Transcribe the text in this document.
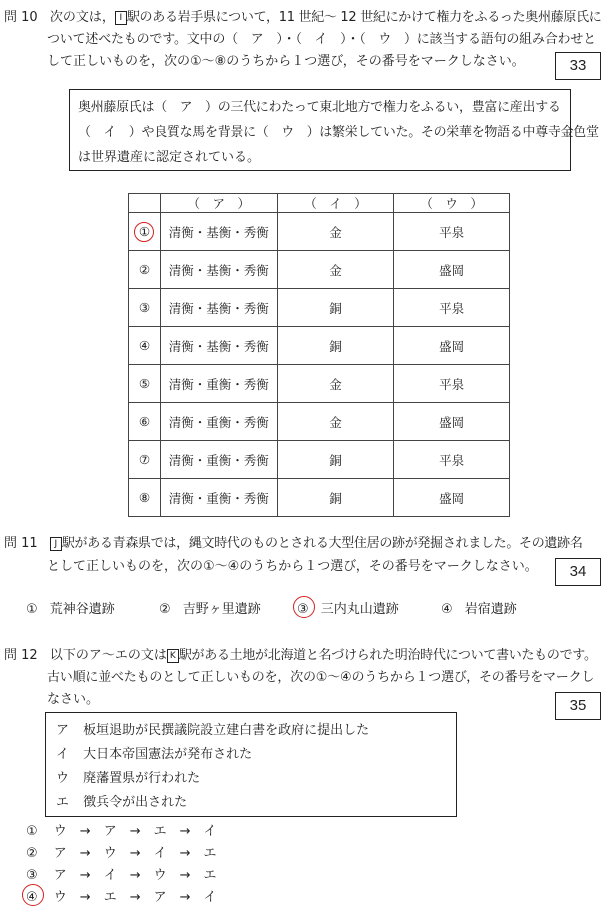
問 10 次の文は， I 駅のある岩手県について，11 世紀～ 12 世紀にかけて権力をふるった奥州藤原氏に
ついて述べたものです。文中の（　ア　）・（　イ　）・（　ウ　）に該当する語句の組み合わせと
して正しいものを，次の①～⑧のうちから１つ選び，その番号をマークしなさい。	33
奥州藤原氏は（　ア　）の三代にわたって東北地方で権力をふるい，豊富に産出する
（　イ　）や良質な馬を背景に（　ウ　）は繁栄していた。その栄華を物語る中尊寺金色堂
は世界遺産に認定されている。
	（　ア　）	（　イ　）	（　ウ　）
①	清衡・基衡・秀衡	金	平泉
②	清衡・基衡・秀衡	金	盛岡
③	清衡・基衡・秀衡	銅	平泉
④	清衡・基衡・秀衡	銅	盛岡
⑤	清衡・重衡・秀衡	金	平泉
⑥	清衡・重衡・秀衡	金	盛岡
⑦	清衡・重衡・秀衡	銅	平泉
⑧	清衡・重衡・秀衡	銅	盛岡
問 11 J 駅がある青森県では，縄文時代のものとされる大型住居の跡が発掘されました。その遺跡名
として正しいものを，次の①～④のうちから１つ選び，その番号をマークしなさい。	34
① 荒神谷遺跡	② 吉野ヶ里遺跡	③ 三内丸山遺跡	④ 岩宿遺跡
問 12 以下のア～エの文は K 駅がある土地が北海道と名づけられた明治時代について書いたものです。
古い順に並べたものとして正しいものを，次の①～④のうちから１つ選び，その番号をマークし
なさい。	35
ア 板垣退助が民撰議院設立建白書を政府に提出した
イ 大日本帝国憲法が発布された
ウ 廃藩置県が行われた
エ 徴兵令が出された
① ウ　→　ア　→　エ　→　イ
② ア　→　ウ　→　イ　→　エ
③ ア　→　イ　→　ウ　→　エ
④ ウ　→　エ　→　ア　→　イ
